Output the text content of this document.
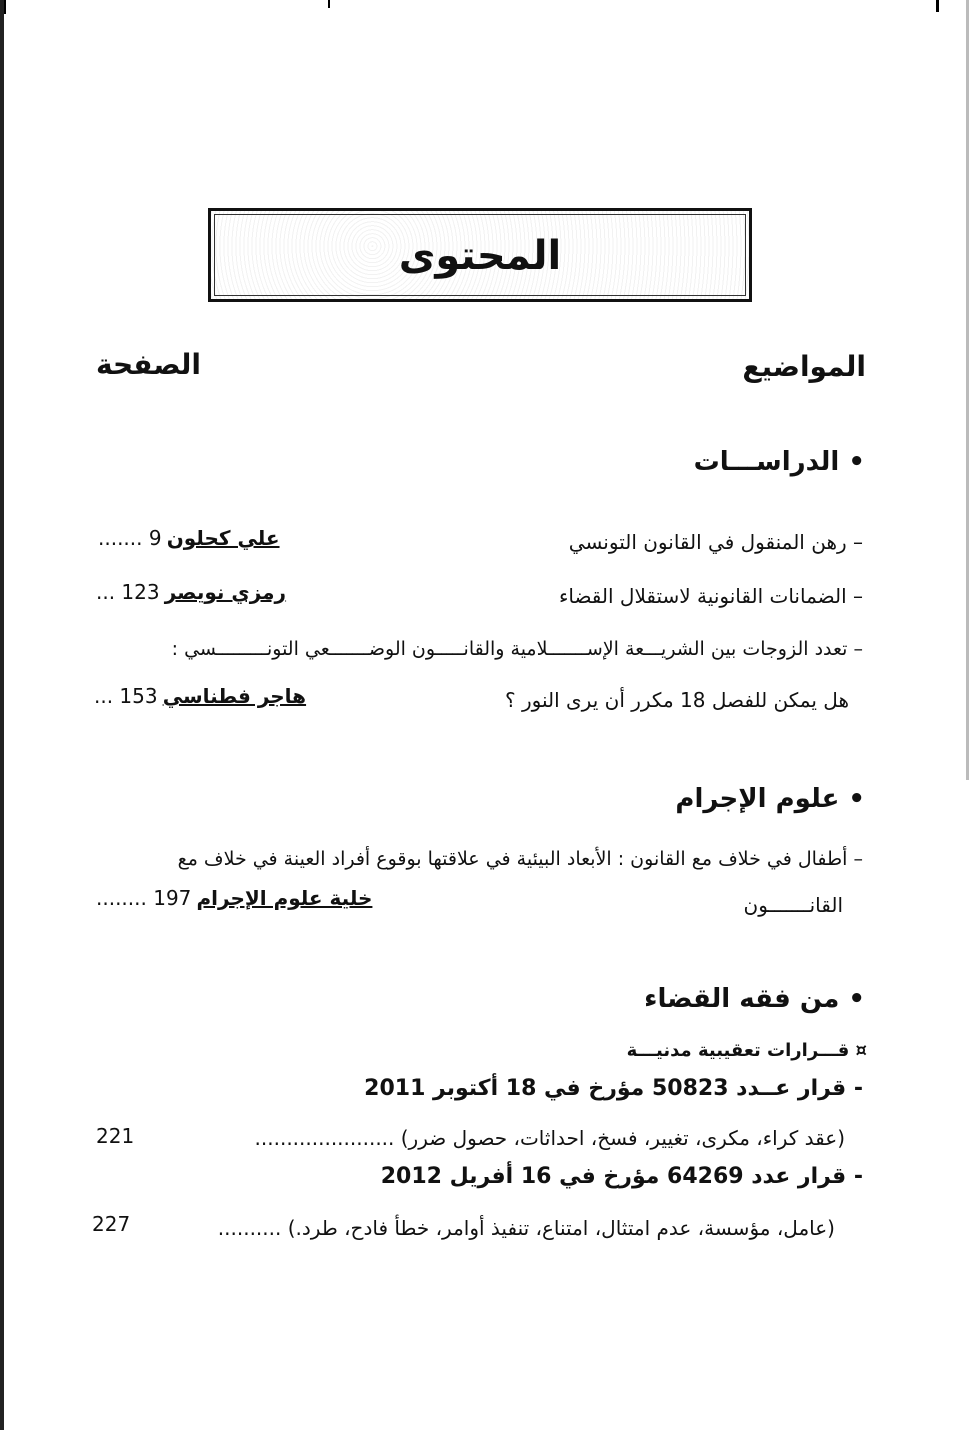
المحتوى
المواضيع
الصفحة
• الدراســـات
– رهن المنقول في القانون التونسي
....... 9 علي كحلون
– الضمانات القانونية لاستقلال القضاء
... 123 رمزي نويصر
– تعدد الزوجات بين الشريـــعة الإســـــــلامية والقانـــــون الوضـــــــعي التونـــــــــسي :
هل يمكن للفصل 18 مكرر أن يرى النور ؟
... 153 هاجر فطناسي
• علوم الإجرام
– أطفال في خلاف مع القانون : الأبعاد البيئية في علاقتها بوقوع أفراد العينة في خلاف مع
القانـــــــون
........ 197 خلية علوم الإجرام
• من فقه القضاء
¤ قـــرارات تعقيبية مدنيـــة
- قرار عــدد 50823 مؤرخ في 18 أكتوبر 2011
(عقد كراء، مكرى، تغيير، فسخ، احداثات، حصول ضرر) ......................
221
- قرار عدد 64269 مؤرخ في 16 أفريل 2012
(عامل، مؤسسة، عدم امتثال، امتناع، تنفيذ أوامر، خطأ فادح، طرد.) ..........
227
